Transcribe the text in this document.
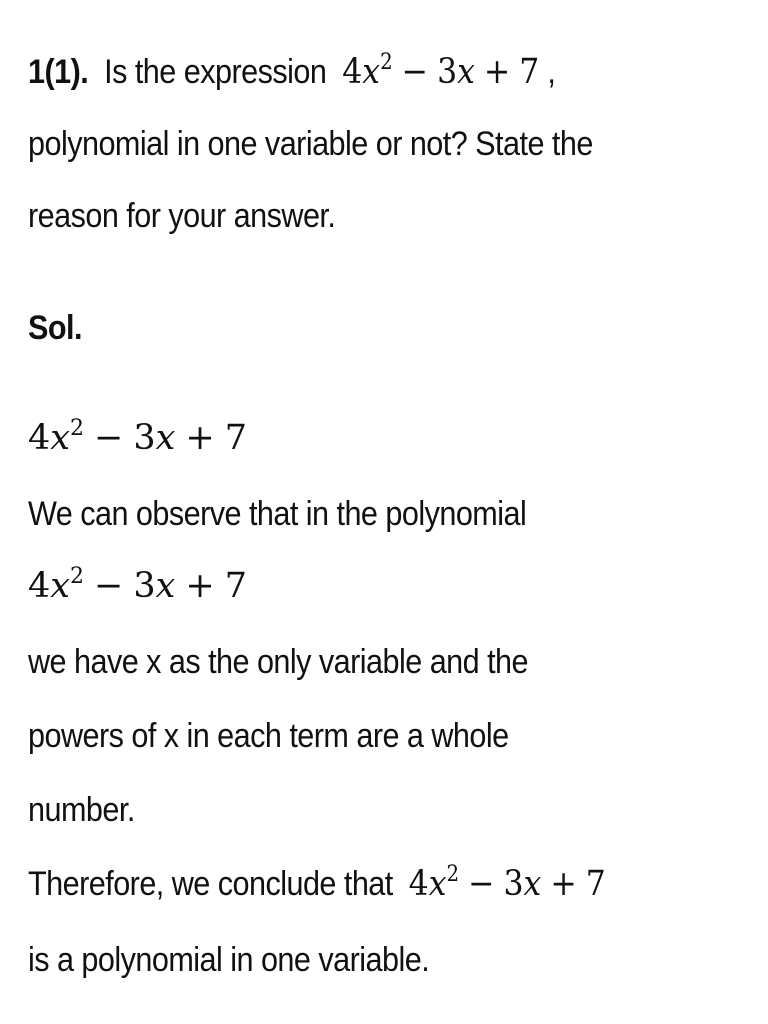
1(1). Is the expression $4x^2 - 3x + 7$ ,
polynomial in one variable or not? State the
reason for your answer.
Sol.
$4x^2 - 3x + 7$
We can observe that in the polynomial
$4x^2 - 3x + 7$
we have x as the only variable and the
powers of x in each term are a whole
number.
Therefore, we conclude that $4x^2 - 3x + 7$
is a polynomial in one variable.
